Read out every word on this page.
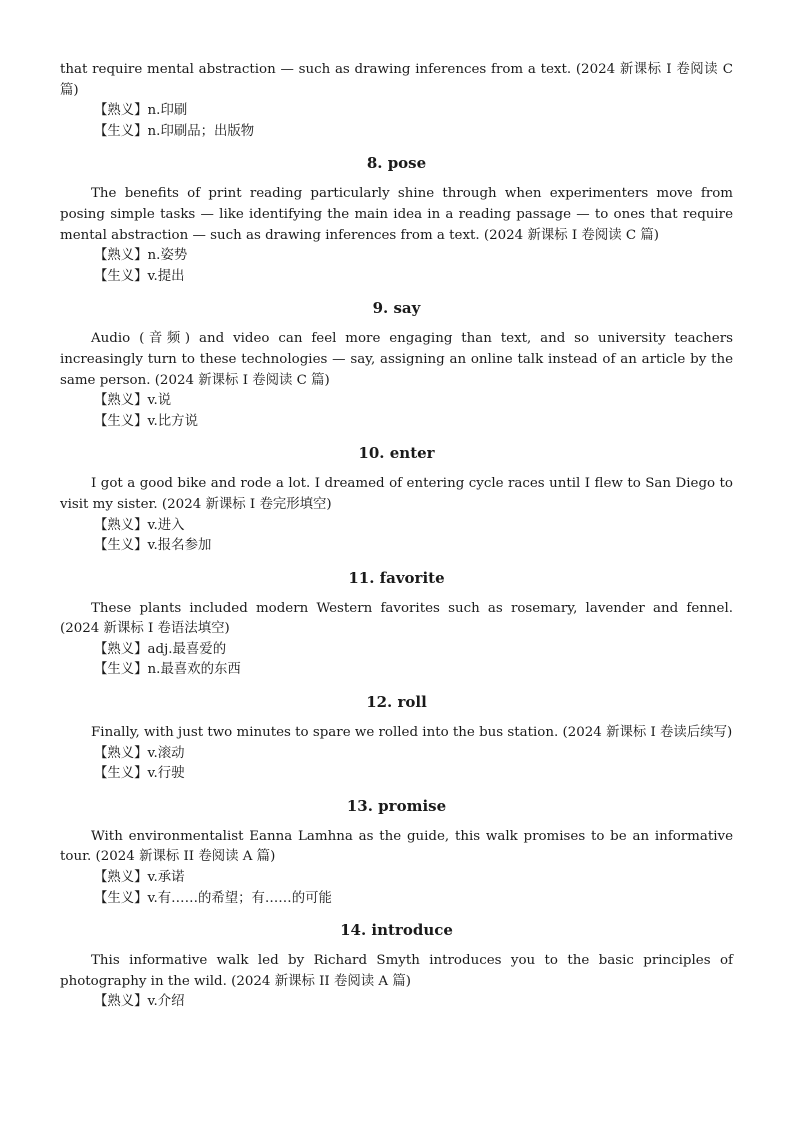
that require mental abstraction — such as drawing inferences from a text. (2024 新课标 I 卷阅读 C 篇)

【熟义】n.印刷

【生义】n.印刷品；出版物

8. pose

The benefits of print reading particularly shine through when experimenters move from posing simple tasks — like identifying the main idea in a reading passage — to ones that require mental abstraction — such as drawing inferences from a text. (2024 新课标 I 卷阅读 C 篇)

【熟义】n.姿势

【生义】v.提出

9. say

Audio (音频) and video can feel more engaging than text, and so university teachers increasingly turn to these technologies — say, assigning an online talk instead of an article by the same person. (2024 新课标 I 卷阅读 C 篇)

【熟义】v.说

【生义】v.比方说

10. enter

I got a good bike and rode a lot. I dreamed of entering cycle races until I flew to San Diego to visit my sister. (2024 新课标 I 卷完形填空)

【熟义】v.进入

【生义】v.报名参加

11. favorite

These plants included modern Western favorites such as rosemary, lavender and fennel. (2024 新课标 I 卷语法填空)

【熟义】adj.最喜爱的

【生义】n.最喜欢的东西

12. roll

Finally, with just two minutes to spare we rolled into the bus station. (2024 新课标 I 卷读后续写)

【熟义】v.滚动

【生义】v.行驶

13. promise

With environmentalist Eanna Lamhna as the guide, this walk promises to be an informative tour. (2024 新课标 II 卷阅读 A 篇)

【熟义】v.承诺

【生义】v.有……的希望；有……的可能

14. introduce

This informative walk led by Richard Smyth introduces you to the basic principles of photography in the wild. (2024 新课标 II 卷阅读 A 篇)

【熟义】v.介绍
